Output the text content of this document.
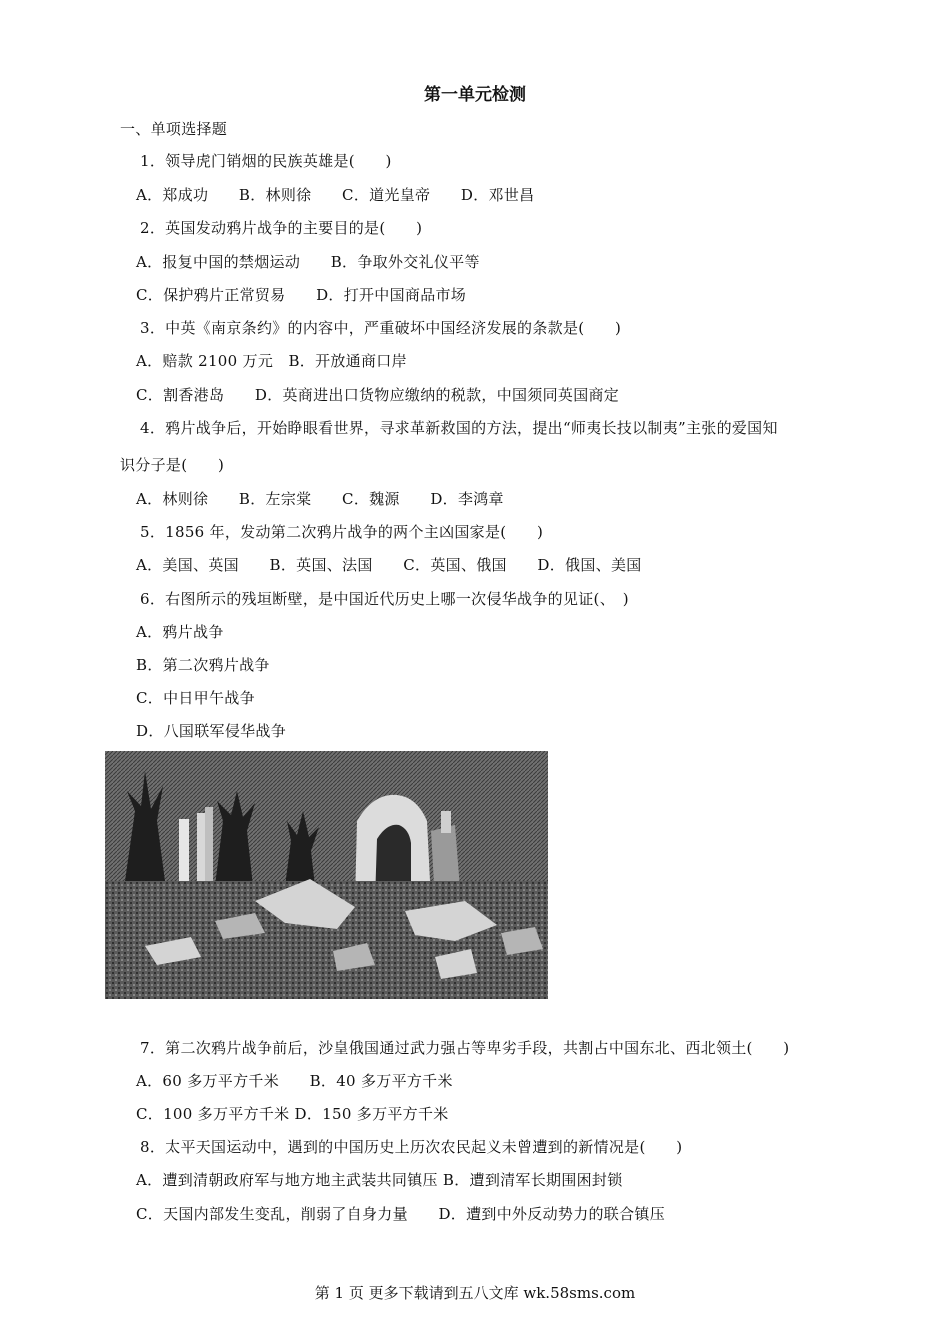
第一单元检测
一、单项选择题
1．领导虎门销烟的民族英雄是(　　)
A．郑成功　　B．林则徐　　C．道光皇帝　　D．邓世昌
2．英国发动鸦片战争的主要目的是(　　)
A．报复中国的禁烟运动　　B．争取外交礼仪平等
C．保护鸦片正常贸易　　D．打开中国商品市场
3．中英《南京条约》的内容中，严重破坏中国经济发展的条款是(　　)
A．赔款 2100 万元　B．开放通商口岸
C．割香港岛　　D．英商进出口货物应缴纳的税款，中国须同英国商定
4．鸦片战争后，开始睁眼看世界，寻求革新救国的方法，提出“师夷长技以制夷”主张的爱国知
识分子是(　　)
A．林则徐　　B．左宗棠　　C．魏源　　D．李鸿章
5．1856 年，发动第二次鸦片战争的两个主凶国家是(　　)
A．美国、英国　　B．英国、法国　　C．英国、俄国　　D．俄国、美国
6．右图所示的残垣断壁，是中国近代历史上哪一次侵华战争的见证(、　)
A．鸦片战争
B．第二次鸦片战争
C．中日甲午战争
D．八国联军侵华战争
7．第二次鸦片战争前后，沙皇俄国通过武力强占等卑劣手段，共割占中国东北、西北领土(　　)
A．60 多万平方千米　　B．40 多万平方千米
C．100 多万平方千米 D．150 多万平方千米
8．太平天国运动中，遇到的中国历史上历次农民起义未曾遭到的新情况是(　　)
A．遭到清朝政府军与地方地主武装共同镇压 B．遭到清军长期围困封锁
C．天国内部发生变乱，削弱了自身力量　　D．遭到中外反动势力的联合镇压
第 1 页 更多下载请到五八文库 wk.58sms.com
